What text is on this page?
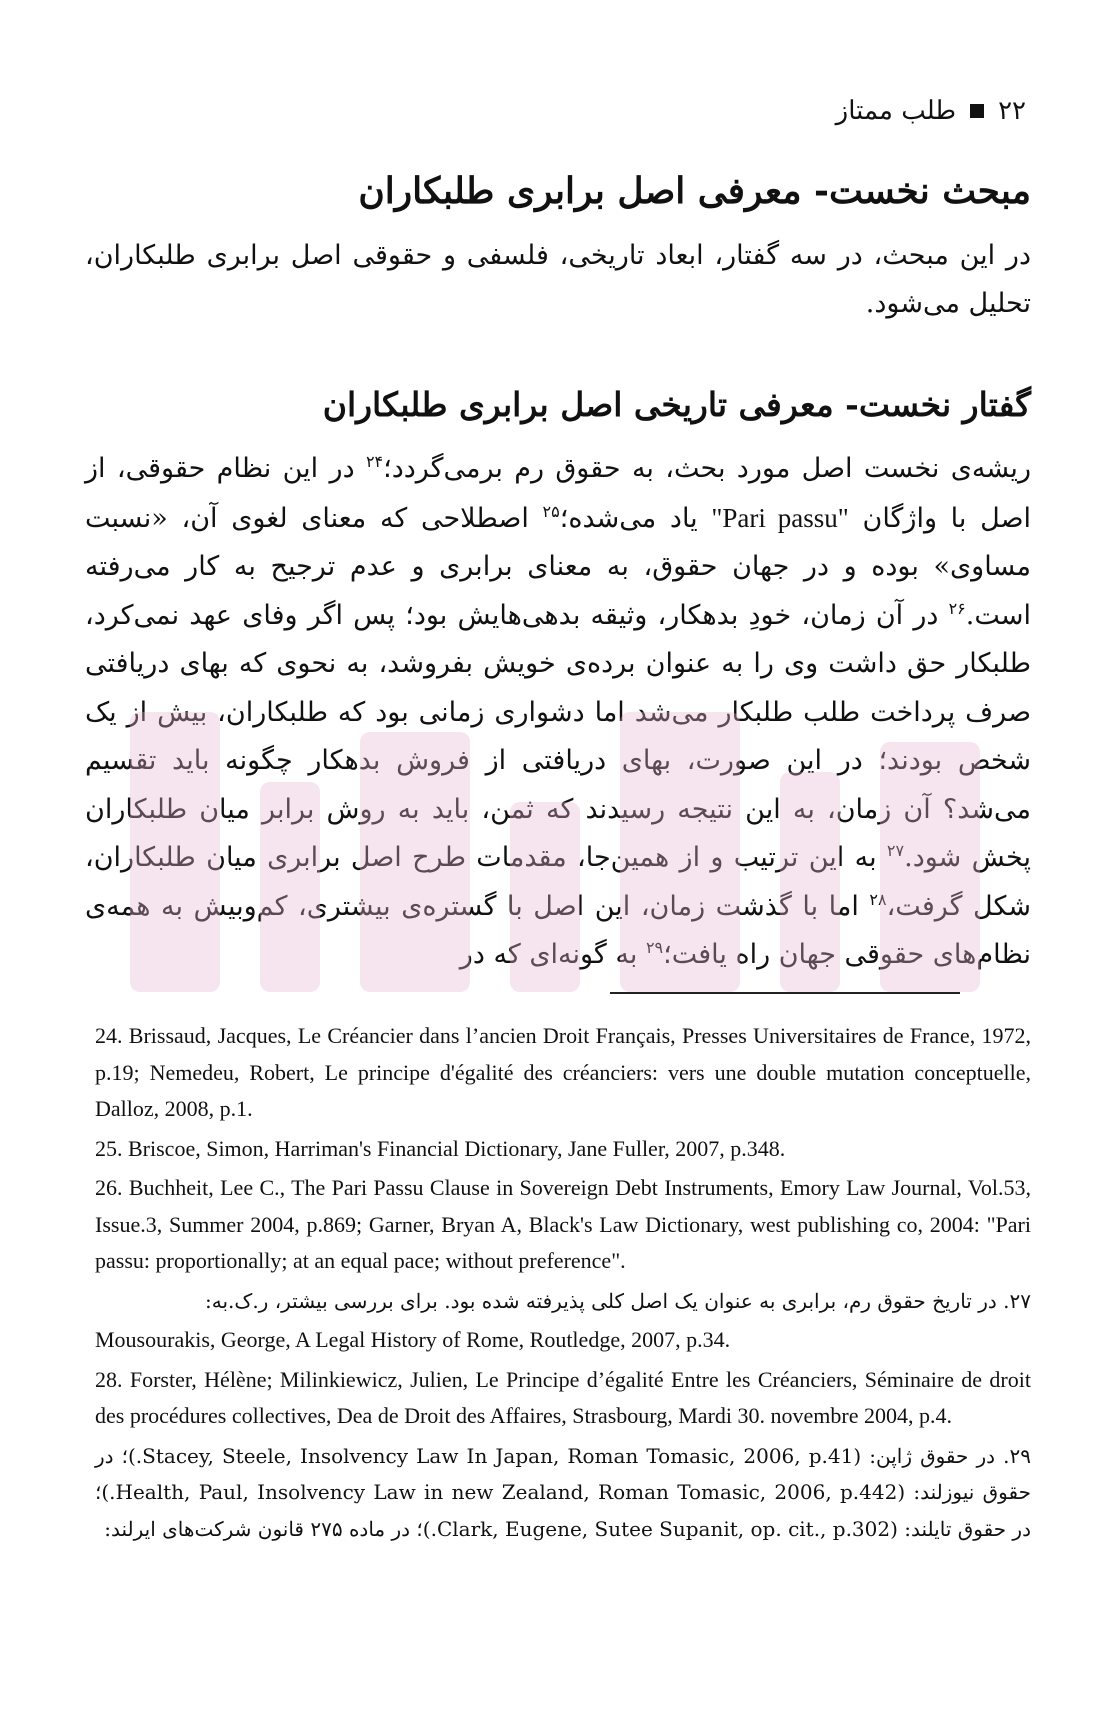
۲۲
طلب ممتاز
مبحث نخست- معرفی اصل برابری طلبکاران

در این مبحث، در سه گفتار، ابعاد تاریخی، فلسفی و حقوقی اصل برابری طلبکاران، تحلیل می‌شود.

گفتار نخست- معرفی تاریخی اصل برابری طلبکاران

ریشه‌ی نخست اصل مورد بحث، به حقوق رم برمی‌گردد؛$^{۲۴}$ در این نظام حقوقی، از اصل با واژگان "Pari passu" یاد می‌شده؛$^{۲۵}$ اصطلاحی که معنای لغوی آن، «نسبت مساوی» بوده و در جهان حقوق، به معنای برابری و عدم ترجیح به کار می‌رفته است.$^{۲۶}$ در آن زمان، خودِ بدهکار، وثیقه بدهی‌هایش بود؛ پس اگر وفای عهد نمی‌کرد، طلبکار حق داشت وی را به عنوان برده‌ی خویش بفروشد، به نحوی که بهای دریافتی صرف پرداخت طلب طلبکار می‌شد اما دشواری زمانی بود که طلبکاران، بیش از یک شخص بودند؛ در این صورت، بهای دریافتی از فروش بدهکار چگونه باید تقسیم می‌شد؟ آن زمان، به این نتیجه رسیدند که ثمن، باید به روش برابر میان طلبکاران پخش شود.$^{۲۷}$ به این ترتیب و از همین‌جا، مقدمات طرح اصل برابری میان طلبکاران، شکل گرفت،$^{۲۸}$ اما با گذشت زمان، این اصل با گستره‌ی بیشتری، کم‌وبیش به همه‌ی نظام‌های حقوقی جهان راه یافت؛$^{۲۹}$ به گونه‌ای که در

24. Brissaud, Jacques, Le Créancier dans l’ancien Droit Français, Presses Universitaires de France, 1972, p.19; Nemedeu, Robert, Le principe d'égalité des créanciers: vers une double mutation conceptuelle, Dalloz, 2008, p.1.

25. Briscoe, Simon, Harriman's Financial Dictionary, Jane Fuller, 2007, p.348.

26. Buchheit, Lee C., The Pari Passu Clause in Sovereign Debt Instruments, Emory Law Journal, Vol.53, Issue.3, Summer 2004, p.869; Garner, Bryan A, Black's Law Dictionary, west publishing co, 2004: "Pari passu: proportionally; at an equal pace; without preference".

۲۷. در تاریخ حقوق رم، برابری به عنوان یک اصل کلی پذیرفته شده بود. برای بررسی بیشتر، ر.ک.به:

Mousourakis, George, A Legal History of Rome, Routledge, 2007, p.34.

28. Forster, Hélène; Milinkiewicz, Julien, Le Principe d’égalité Entre les Créanciers, Séminaire de droit des procédures collectives, Dea de Droit des Affaires, Strasbourg, Mardi 30. novembre 2004, p.4.

۲۹. در حقوق ژاپن: (Stacey, Steele, Insolvency Law In Japan, Roman Tomasic, 2006, p.41.)؛ در حقوق نیوزلند: (Health, Paul, Insolvency Law in new Zealand, Roman Tomasic, 2006, p.442.)؛ در حقوق تایلند: (Clark, Eugene, Sutee Supanit, op. cit., p.302.)؛ در ماده ۲۷۵ قانون شرکت‌های ایرلند:
